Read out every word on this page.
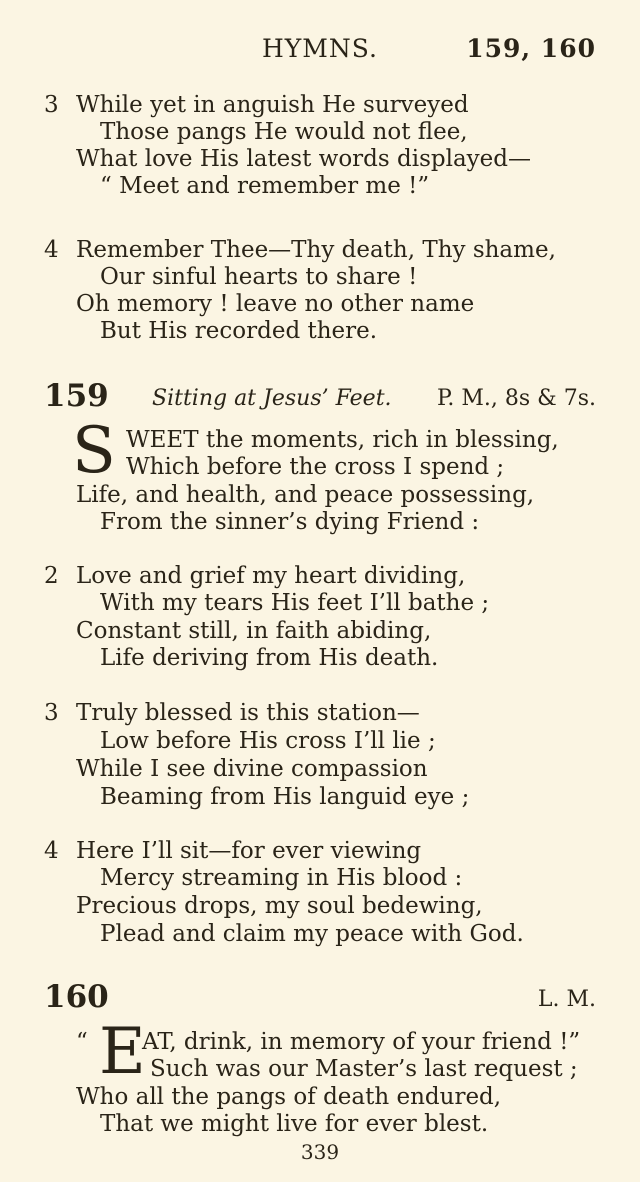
HYMNS.	159, 160
3 While yet in anguish He surveyed
Those pangs He would not flee,
What love His latest words displayed—
“ Meet and remember me !”
4 Remember Thee—Thy death, Thy shame,
Our sinful hearts to share !
Oh memory ! leave no other name
But His recorded there.
159 Sitting at Jesus’ Feet. P. M., 8s & 7s.
S WEET the moments, rich in blessing,
Which before the cross I spend ;
Life, and health, and peace possessing,
From the sinner’s dying Friend :
2 Love and grief my heart dividing,
With my tears His feet I’ll bathe ;
Constant still, in faith abiding,
Life deriving from His death.
3 Truly blessed is this station—
Low before His cross I’ll lie ;
While I see divine compassion
Beaming from His languid eye ;
4 Here I’ll sit—for ever viewing
Mercy streaming in His blood :
Precious drops, my soul bedewing,
Plead and claim my peace with God.
160	L. M.
“ E
AT, drink, in memory of your friend !”
Such was our Master’s last request ;
Who all the pangs of death endured,
That we might live for ever blest.
339
